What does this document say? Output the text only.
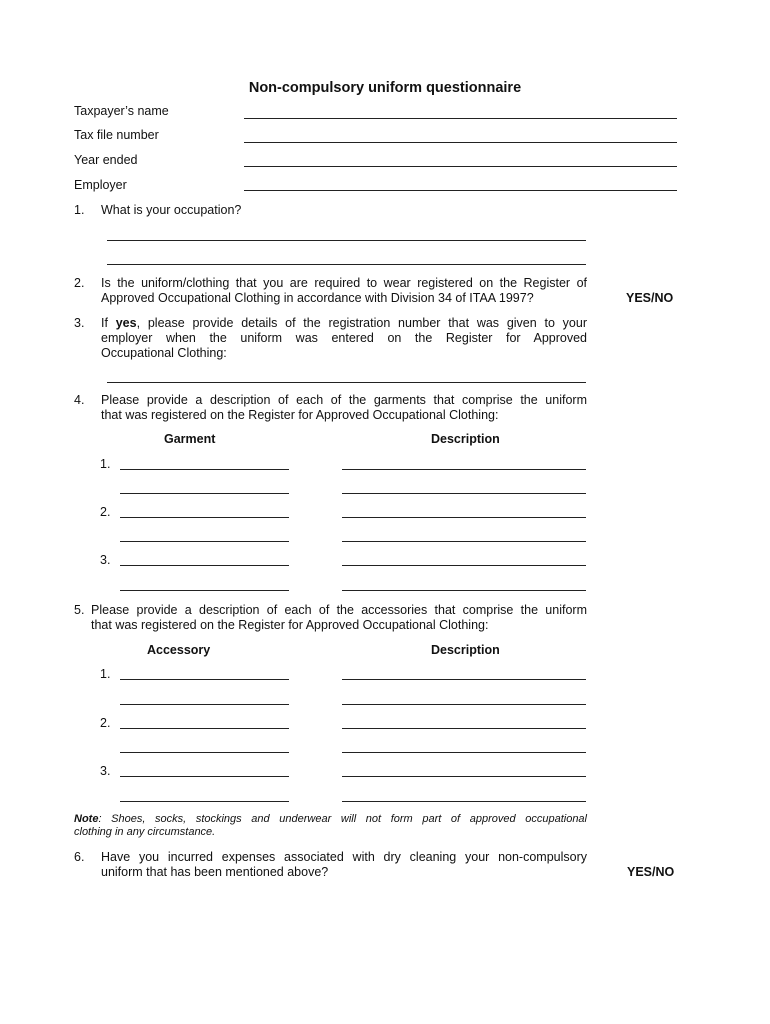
Non-compulsory uniform questionnaire
Taxpayer’s name
Tax file number
Year ended
Employer
1. What is your occupation?
2. Is the uniform/clothing that you are required to wear registered on the Register of
Approved Occupational Clothing in accordance with Division 34 of ITAA 1997?	YES/NO
3. If yes, please provide details of the registration number that was given to your
employer when the uniform was entered on the Register for Approved
Occupational Clothing:
4. Please provide a description of each of the garments that comprise the uniform
that was registered on the Register for Approved Occupational Clothing:
Garment	Description
1.
2.
3.
5. Please provide a description of each of the accessories that comprise the uniform
that was registered on the Register for Approved Occupational Clothing:
Accessory	Description
1.
2.
3.
Note: Shoes, socks, stockings and underwear will not form part of approved occupational
clothing in any circumstance.
6. Have you incurred expenses associated with dry cleaning your non-compulsory
uniform that has been mentioned above?	YES/NO
